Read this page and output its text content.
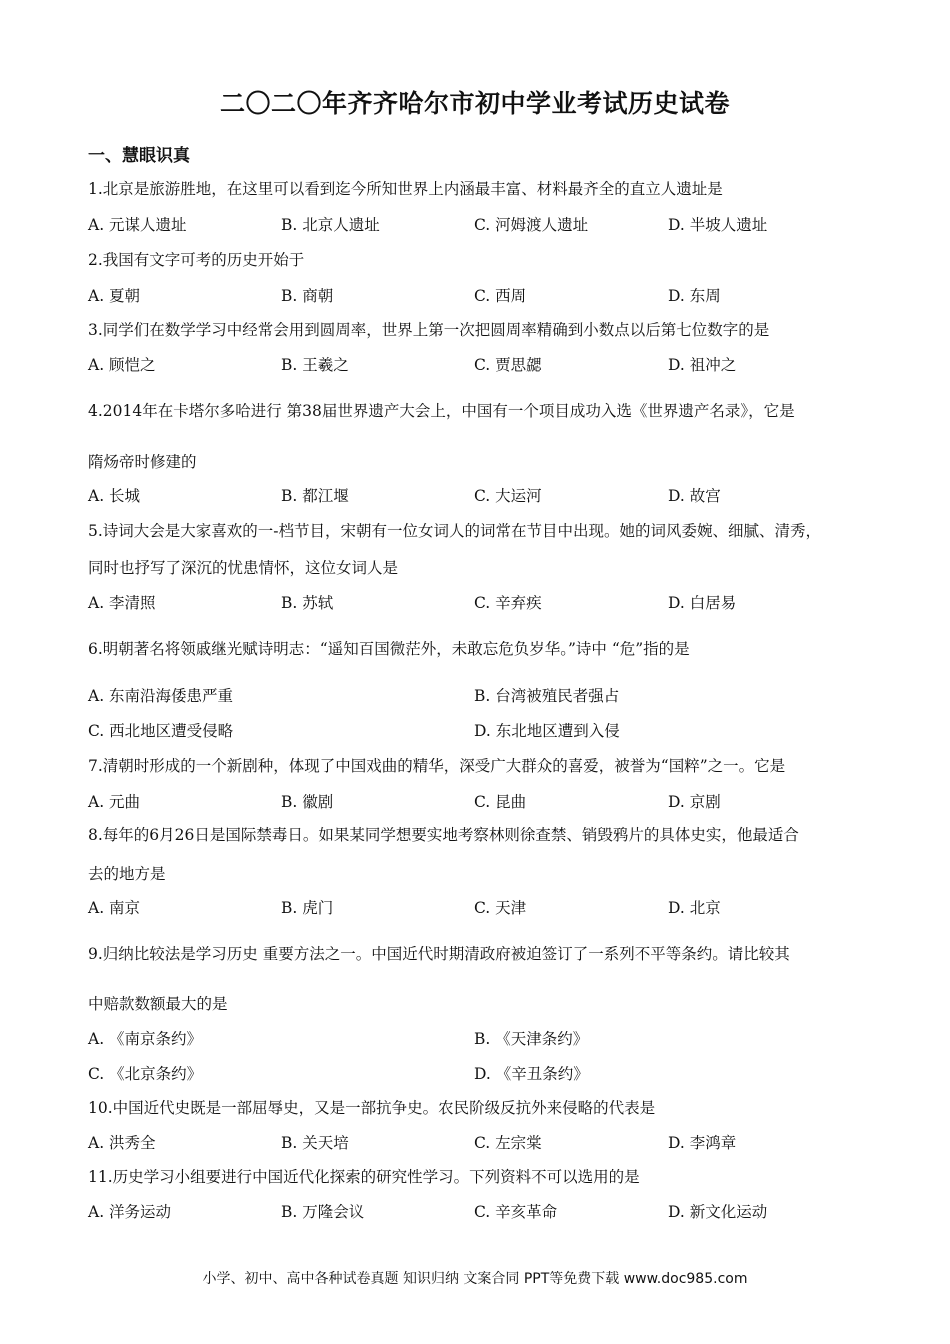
二〇二〇年齐齐哈尔市初中学业考试历史试卷
一、慧眼识真
1.北京是旅游胜地，在这里可以看到迄今所知世界上内涵最丰富、材料最齐全的直立人遗址是
A. 元谋人遗址	B. 北京人遗址	C. 河姆渡人遗址	D. 半坡人遗址
2.我国有文字可考的历史开始于
A. 夏朝	B. 商朝	C. 西周	D. 东周
3.同学们在数学学习中经常会用到圆周率，世界上第一次把圆周率精确到小数点以后第七位数字的是
A. 顾恺之	B. 王羲之	C. 贾思勰	D. 祖冲之
4.2014年在卡塔尔多哈进行 第38届世界遗产大会上，中国有一个项目成功入选《世界遗产名录》，它是
隋炀帝时修建的
A. 长城	B. 都江堰	C. 大运河	D. 故宫
5.诗词大会是大家喜欢的一-档节目，宋朝有一位女词人的词常在节目中出现。她的词风委婉、细腻、清秀，
同时也抒写了深沉的忧患情怀，这位女词人是
A. 李清照	B. 苏轼	C. 辛弃疾	D. 白居易
6.明朝著名将领戚继光赋诗明志：“遥知百国微茫外，未敢忘危负岁华。”诗中 “危”指的是
A. 东南沿海倭患严重	B. 台湾被殖民者强占
C. 西北地区遭受侵略	D. 东北地区遭到入侵
7.清朝时形成的一个新剧种，体现了中国戏曲的精华，深受广大群众的喜爱，被誉为“国粹”之一。它是
A. 元曲	B. 徽剧	C. 昆曲	D. 京剧
8.每年的6月26日是国际禁毒日。如果某同学想要实地考察林则徐查禁、销毁鸦片的具体史实，他最适合
去的地方是
A. 南京	B. 虎门	C. 天津	D. 北京
9.归纳比较法是学习历史 重要方法之一。中国近代时期清政府被迫签订了一系列不平等条约。请比较其
中赔款数额最大的是
A. 《南京条约》	B. 《天津条约》
C. 《北京条约》	D. 《辛丑条约》
10.中国近代史既是一部屈辱史，又是一部抗争史。农民阶级反抗外来侵略的代表是
A. 洪秀全	B. 关天培	C. 左宗棠	D. 李鸿章
11.历史学习小组要进行中国近代化探索的研究性学习。下列资料不可以选用的是
A. 洋务运动	B. 万隆会议	C. 辛亥革命	D. 新文化运动
小学、初中、高中各种试卷真题 知识归纳 文案合同 PPT等免费下载 www.doc985.com
